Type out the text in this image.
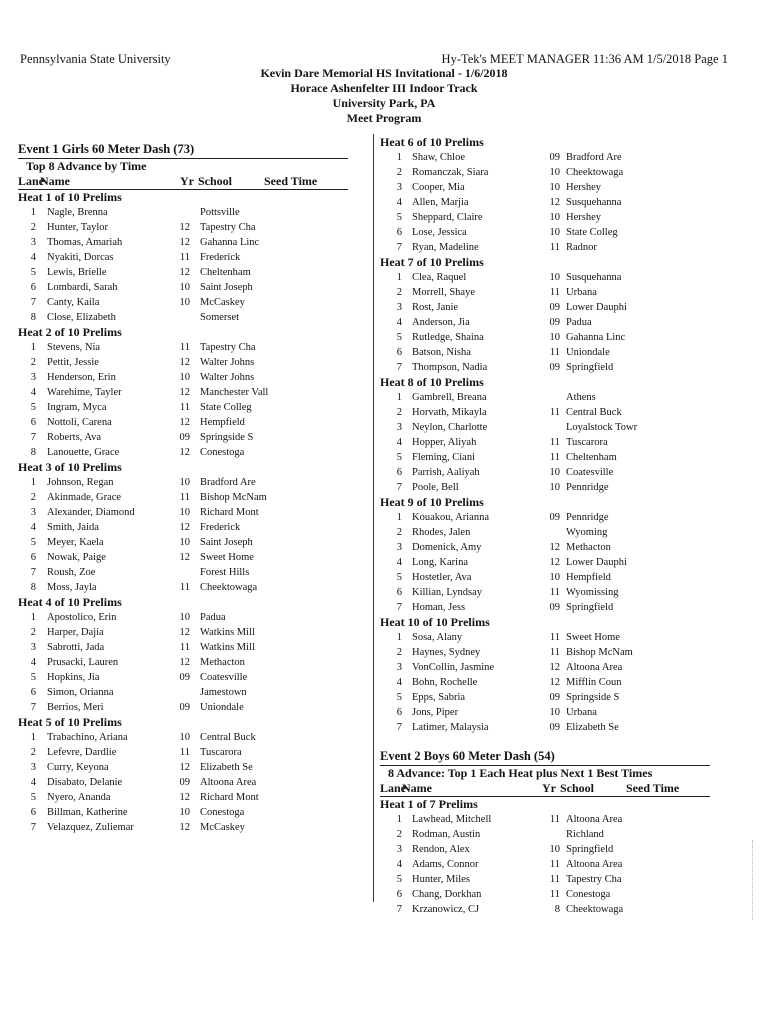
Pennsylvania State University	Hy-Tek's MEET MANAGER 11:36 AM 1/5/2018 Page 1
Kevin Dare Memorial HS Invitational - 1/6/2018
Horace Ashenfelter III Indoor Track
University Park, PA
Meet Program
Event 1 Girls 60 Meter Dash (73)
Top 8 Advance by Time
Lane
Name	Yr School	Seed Time
Heat 1 of 10 Prelims
1 Nagle, Brenna	Pottsville
2 Hunter, Taylor	12 Tapestry Cha
3 Thomas, Amariah	12 Gahanna Linc
4 Nyakiti, Dorcas	11 Frederick
5 Lewis, Brielle	12 Cheltenham
6 Lombardi, Sarah	10 Saint Joseph
7 Canty, Kaila	10 McCaskey
8 Close, Elizabeth	Somerset
Heat 2 of 10 Prelims
1 Stevens, Nia	11 Tapestry Cha
2 Pettit, Jessie	12 Walter Johns
3 Henderson, Erin	10 Walter Johns
4 Warehime, Tayler	12 Manchester Vall
5 Ingram, Myca	11 State Colleg
6 Nottoli, Carena	12 Hempfield
7 Roberts, Ava	09 Springside S
8 Lanouette, Grace	12 Conestoga
Heat 3 of 10 Prelims
1 Johnson, Regan	10 Bradford Are
2 Akinmade, Grace	11 Bishop McNam
3 Alexander, Diamond	10 Richard Mont
4 Smith, Jaida	12 Frederick
5 Meyer, Kaela	10 Saint Joseph
6 Nowak, Paige	12 Sweet Home
7 Roush, Zoe	Forest Hills
8 Moss, Jayla	11 Cheektowaga
Heat 4 of 10 Prelims
1 Apostolico, Erin	10 Padua
2 Harper, Dajia	12 Watkins Mill
3 Sabrotti, Jada	11 Watkins Mill
4 Prusacki, Lauren	12 Methacton
5 Hopkins, Jia	09 Coatesville
6 Simon, Orianna	Jamestown
7 Berrios, Meri	09 Uniondale
Heat 5 of 10 Prelims
1 Trabachino, Ariana	10 Central Buck
2 Lefevre, Dardlie	11 Tuscarora
3 Curry, Keyona	12 Elizabeth Se
4 Disabato, Delanie	09 Altoona Area
5 Nyero, Ananda	12 Richard Mont
6 Billman, Katherine	10 Conestoga
7 Velazquez, Zuliemar	12 McCaskey
Heat 6 of 10 Prelims
1 Shaw, Chloe	09 Bradford Are
2 Romanczak, Siara	10 Cheektowaga
3 Cooper, Mia	10 Hershey
4 Allen, Marjia	12 Susquehanna
5 Sheppard, Claire	10 Hershey
6 Lose, Jessica	10 State Colleg
7 Ryan, Madeline	11 Radnor
Heat 7 of 10 Prelims
1 Clea, Raquel	10 Susquehanna
2 Morrell, Shaye	11 Urbana
3 Rost, Janie	09 Lower Dauphi
4 Anderson, Jia	09 Padua
5 Rutledge, Shaina	10 Gahanna Linc
6 Batson, Nisha	11 Uniondale
7 Thompson, Nadia	09 Springfield
Heat 8 of 10 Prelims
1 Gambrell, Breana	Athens
2 Horvath, Mikayla	11 Central Buck
3 Neylon, Charlotte	Loyalstock Towr
4 Hopper, Aliyah	11 Tuscarora
5 Fleming, Ciani	11 Cheltenham
6 Parrish, Aaliyah	10 Coatesville
7 Poole, Bell	10 Pennridge
Heat 9 of 10 Prelims
1 Kouakou, Arianna	09 Pennridge
2 Rhodes, Jalen	Wyoming
3 Domenick, Amy	12 Methacton
4 Long, Karina	12 Lower Dauphi
5 Hostetler, Ava	10 Hempfield
6 Killian, Lyndsay	11 Wyomissing
7 Homan, Jess	09 Springfield
Heat 10 of 10 Prelims
1 Sosa, Alany	11 Sweet Home
2 Haynes, Sydney	11 Bishop McNam
3 VonCollin, Jasmine	12 Altoona Area
4 Bohn, Rochelle	12 Mifflin Coun
5 Epps, Sabria	09 Springside S
6 Jons, Piper	10 Urbana
7 Latimer, Malaysia	09 Elizabeth Se
Event 2 Boys 60 Meter Dash (54)
8 Advance: Top 1 Each Heat plus Next 1 Best Times
Lane
Name	Yr School	Seed Time
Heat 1 of 7 Prelims
1 Lawhead, Mitchell	11 Altoona Area
2 Rodman, Austin	Richland
3 Rendon, Alex	10 Springfield
4 Adams, Connor	11 Altoona Area
5 Hunter, Miles	11 Tapestry Cha
6 Chang, Dorkhan	11 Conestoga
7 Krzanowicz, CJ	8 Cheektowaga
